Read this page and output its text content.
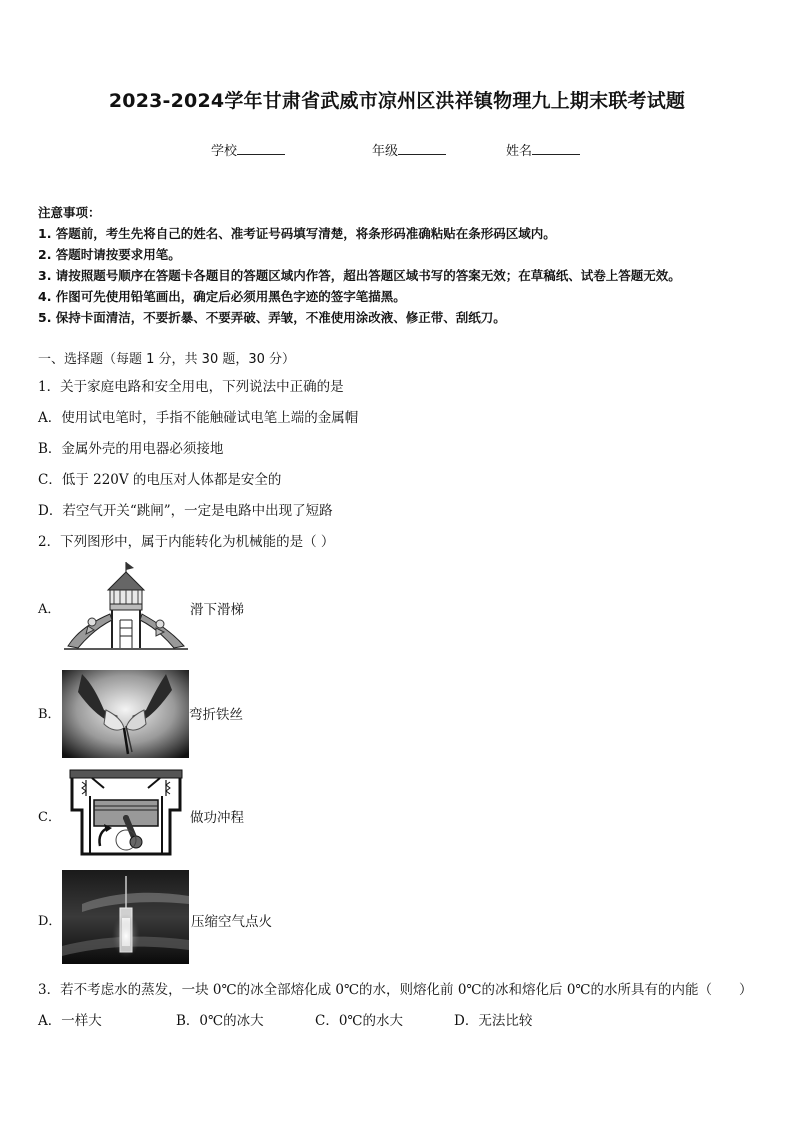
2023-2024学年甘肃省武威市凉州区洪祥镇物理九上期末联考试题
学校	年级	姓名
注意事项：
1. 答题前，考生先将自己的姓名、准考证号码填写清楚，将条形码准确粘贴在条形码区域内。
2. 答题时请按要求用笔。
3. 请按照题号顺序在答题卡各题目的答题区域内作答，超出答题区域书写的答案无效；在草稿纸、试卷上答题无效。
4. 作图可先使用铅笔画出，确定后必须用黑色字迹的签字笔描黑。
5. 保持卡面清洁，不要折暴、不要弄破、弄皱，不准使用涂改液、修正带、刮纸刀。
一、选择题（每题 1 分，共 30 题，30 分）
1．关于家庭电路和安全用电，下列说法中正确的是
A．使用试电笔时，手指不能触碰试电笔上端的金属帽
B．金属外壳的用电器必须接地
C．低于 220V 的电压对人体都是安全的
D．若空气开关“跳闸”，一定是电路中出现了短路
2．下列图形中，属于内能转化为机械能的是（ ）
A．	滑下滑梯
B．	弯折铁丝
C．	做功冲程
D．	压缩空气点火
3．若不考虑水的蒸发，一块 0℃的冰全部熔化成 0℃的水，则熔化前 0℃的冰和熔化后 0℃的水所具有的内能（　　）
A．一样大	B．0℃的冰大	C．0℃的水大	D．无法比较
